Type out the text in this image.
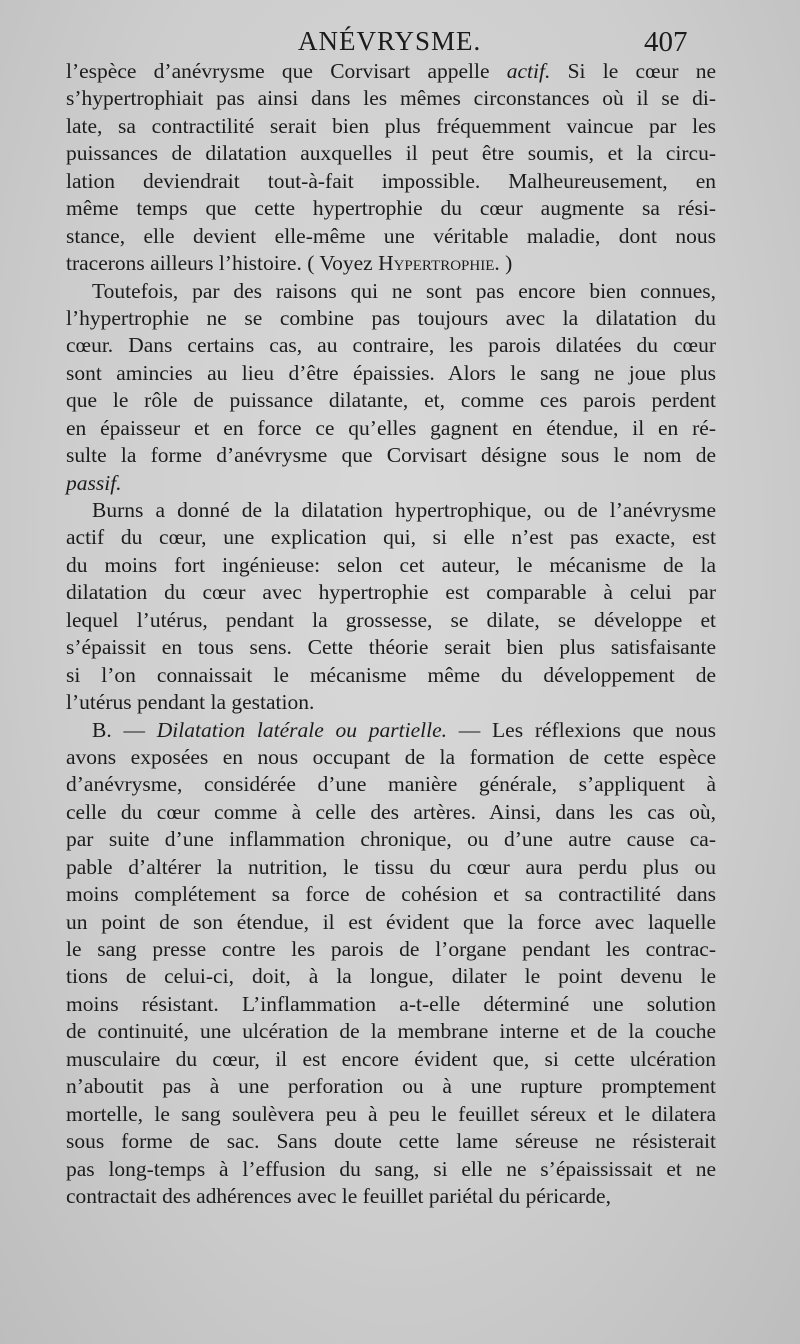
ANÉVRYSME.	407
l’espèce d’anévrysme que Corvisart appelle actif. Si le cœur ne
s’hypertrophiait pas ainsi dans les mêmes circonstances où il se di-
late, sa contractilité serait bien plus fréquemment vaincue par les
puissances de dilatation auxquelles il peut être soumis, et la circu-
lation deviendrait tout-à-fait impossible. Malheureusement, en
même temps que cette hypertrophie du cœur augmente sa rési-
stance, elle devient elle-même une véritable maladie, dont nous
tracerons ailleurs l’histoire. ( Voyez Hypertrophie. )
Toutefois, par des raisons qui ne sont pas encore bien connues,
l’hypertrophie ne se combine pas toujours avec la dilatation du
cœur. Dans certains cas, au contraire, les parois dilatées du cœur
sont amincies au lieu d’être épaissies. Alors le sang ne joue plus
que le rôle de puissance dilatante, et, comme ces parois perdent
en épaisseur et en force ce qu’elles gagnent en étendue, il en ré-
sulte la forme d’anévrysme que Corvisart désigne sous le nom de
passif.
Burns a donné de la dilatation hypertrophique, ou de l’anévrysme
actif du cœur, une explication qui, si elle n’est pas exacte, est
du moins fort ingénieuse: selon cet auteur, le mécanisme de la
dilatation du cœur avec hypertrophie est comparable à celui par
lequel l’utérus, pendant la grossesse, se dilate, se développe et
s’épaissit en tous sens. Cette théorie serait bien plus satisfaisante
si l’on connaissait le mécanisme même du développement de
l’utérus pendant la gestation.
B. — Dilatation latérale ou partielle. — Les réflexions que nous
avons exposées en nous occupant de la formation de cette espèce
d’anévrysme, considérée d’une manière générale, s’appliquent à
celle du cœur comme à celle des artères. Ainsi, dans les cas où,
par suite d’une inflammation chronique, ou d’une autre cause ca-
pable d’altérer la nutrition, le tissu du cœur aura perdu plus ou
moins complétement sa force de cohésion et sa contractilité dans
un point de son étendue, il est évident que la force avec laquelle
le sang presse contre les parois de l’organe pendant les contrac-
tions de celui-ci, doit, à la longue, dilater le point devenu le
moins résistant. L’inflammation a-t-elle déterminé une solution
de continuité, une ulcération de la membrane interne et de la couche
musculaire du cœur, il est encore évident que, si cette ulcération
n’aboutit pas à une perforation ou à une rupture promptement
mortelle, le sang soulèvera peu à peu le feuillet séreux et le dilatera
sous forme de sac. Sans doute cette lame séreuse ne résisterait
pas long-temps à l’effusion du sang, si elle ne s’épaississait et ne
contractait des adhérences avec le feuillet pariétal du péricarde,
